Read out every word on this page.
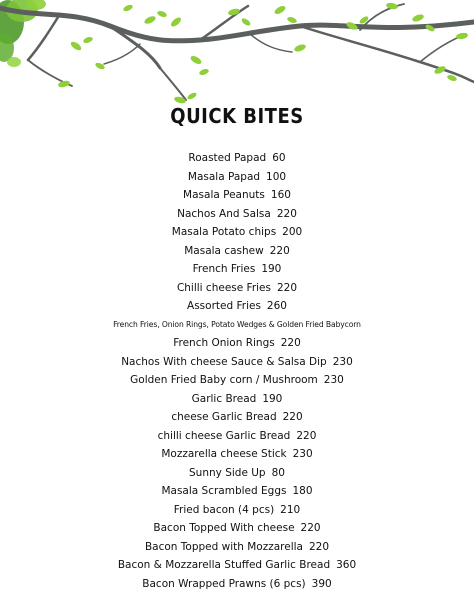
QUICK BITES
Roasted Papad 60
Masala Papad 100
Masala Peanuts 160
Nachos And Salsa 220
Masala Potato chips 200
Masala cashew 220
French Fries 190
Chilli cheese Fries 220
Assorted Fries 260
French Fries, Onion Rings, Potato Wedges & Golden Fried Babycorn
French Onion Rings 220
Nachos With cheese Sauce & Salsa Dip 230
Golden Fried Baby corn / Mushroom 230
Garlic Bread 190
cheese Garlic Bread 220
chilli cheese Garlic Bread 220
Mozzarella cheese Stick 230
Sunny Side Up 80
Masala Scrambled Eggs 180
Fried bacon (4 pcs) 210
Bacon Topped With cheese 220
Bacon Topped with Mozzarella 220
Bacon & Mozzarella Stuffed Garlic Bread 360
Bacon Wrapped Prawns (6 pcs) 390
